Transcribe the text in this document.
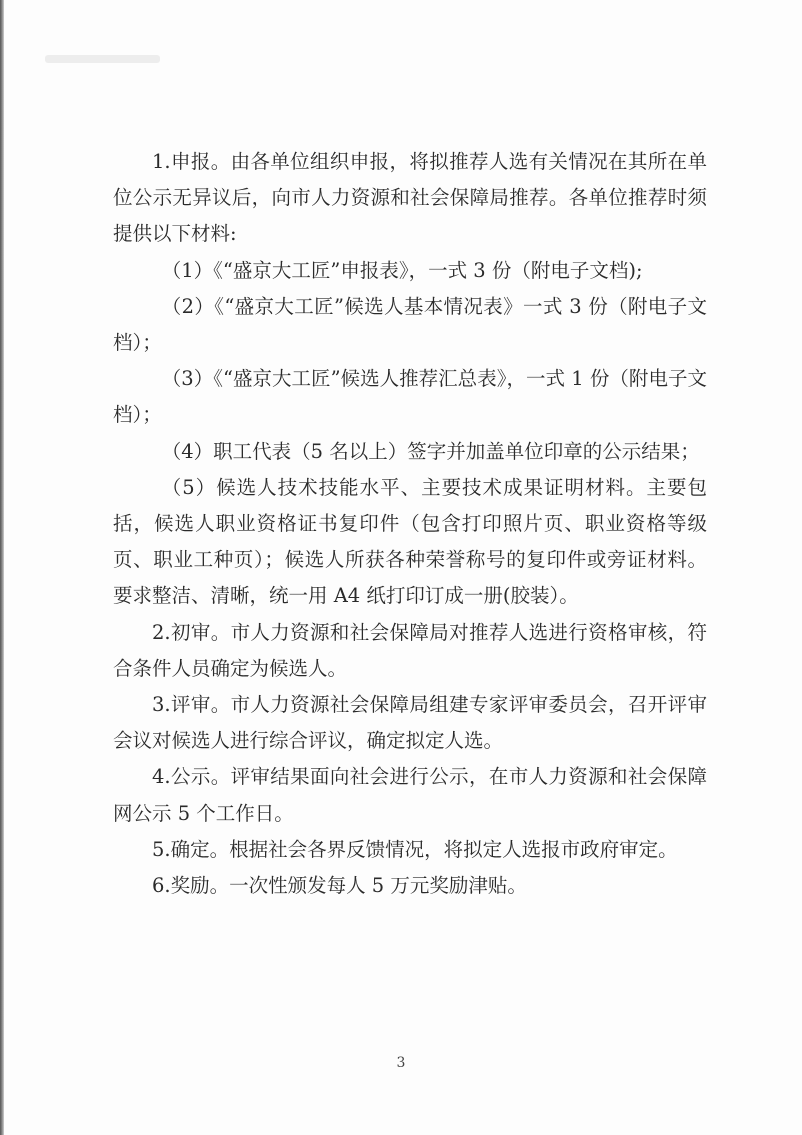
1.申报。由各单位组织申报，将拟推荐人选有关情况在其所在单位公示无异议后，向市人力资源和社会保障局推荐。各单位推荐时须提供以下材料:

（1）《“盛京大工匠”申报表》，一式 3 份（附电子文档);

（2）《“盛京大工匠”候选人基本情况表》一式 3 份（附电子文档）；

（3）《“盛京大工匠”候选人推荐汇总表》，一式 1 份（附电子文档）；

（4）职工代表（5 名以上）签字并加盖单位印章的公示结果；

（5）候选人技术技能水平、主要技术成果证明材料。主要包括，候选人职业资格证书复印件（包含打印照片页、职业资格等级页、职业工种页）；候选人所获各种荣誉称号的复印件或旁证材料。要求整洁、清晰，统一用 A4 纸打印订成一册(胶装）。

2.初审。市人力资源和社会保障局对推荐人选进行资格审核，符合条件人员确定为候选人。

3.评审。市人力资源社会保障局组建专家评审委员会，召开评审会议对候选人进行综合评议，确定拟定人选。

4.公示。评审结果面向社会进行公示，在市人力资源和社会保障网公示 5 个工作日。

5.确定。根据社会各界反馈情况，将拟定人选报市政府审定。

6.奖励。一次性颁发每人 5 万元奖励津贴。

3
